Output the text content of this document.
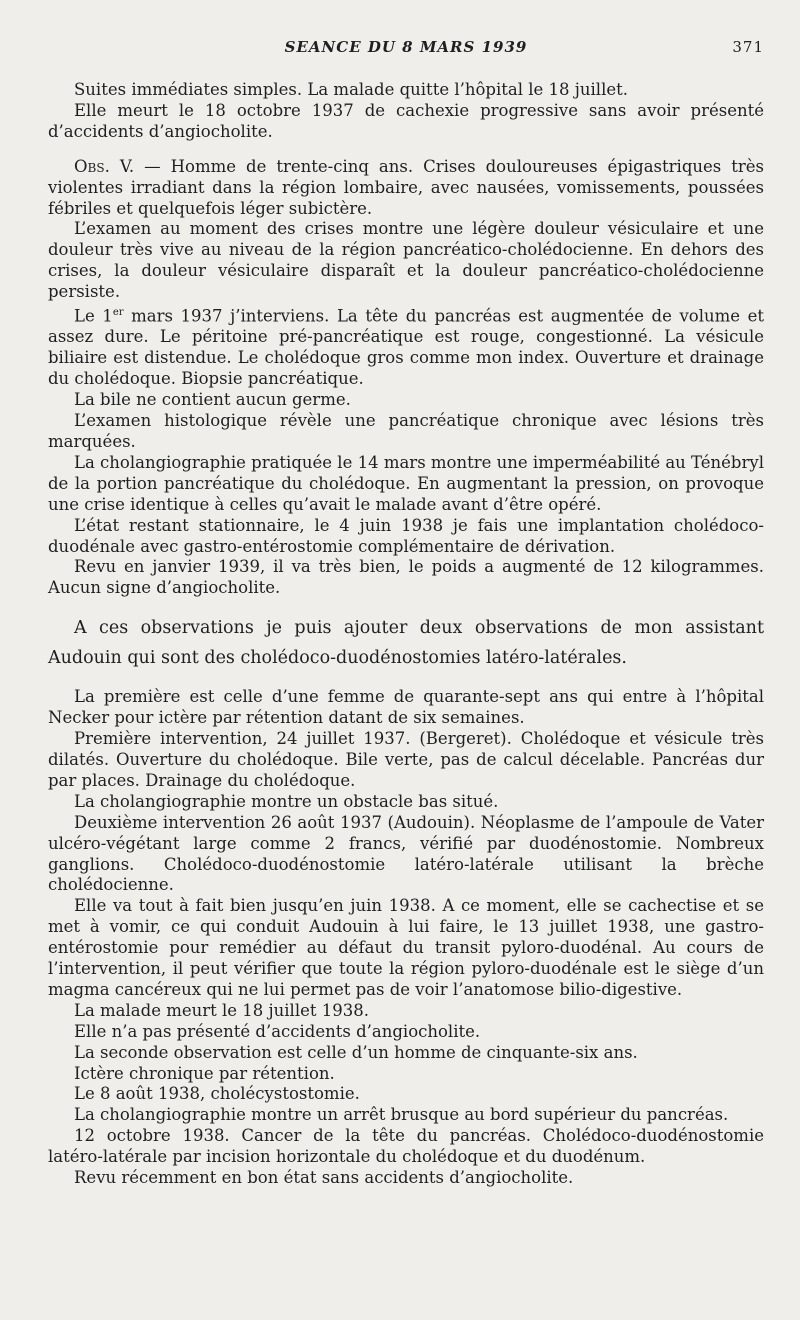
SEANCE DU 8 MARS 1939	371

Suites immédiates simples. La malade quitte l’hôpital le 18 juillet.

Elle meurt le 18 octobre 1937 de cachexie progressive sans avoir présenté d’accidents d’angiocholite.

Obs. V. — Homme de trente-cinq ans. Crises douloureuses épigastriques très violentes irradiant dans la région lombaire, avec nausées, vomissements, poussées fébriles et quelquefois léger subictère.

L’examen au moment des crises montre une légère douleur vésiculaire et une douleur très vive au niveau de la région pancréatico-cholédocienne. En dehors des crises, la douleur vésiculaire disparaît et la douleur pancréatico-cholédocienne persiste.

Le 1er mars 1937 j’interviens. La tête du pancréas est augmentée de volume et assez dure. Le péritoine pré-pancréatique est rouge, congestionné. La vésicule biliaire est distendue. Le cholédoque gros comme mon index. Ouverture et drainage du cholédoque. Biopsie pancréatique.

La bile ne contient aucun germe.

L’examen histologique révèle une pancréatique chronique avec lésions très marquées.

La cholangiographie pratiquée le 14 mars montre une imperméabilité au Ténébryl de la portion pancréatique du cholédoque. En augmentant la pression, on provoque une crise identique à celles qu’avait le malade avant d’être opéré.

L’état restant stationnaire, le 4 juin 1938 je fais une implantation cholédoco-duodénale avec gastro-entérostomie complémentaire de dérivation.

Revu en janvier 1939, il va très bien, le poids a augmenté de 12 kilogrammes. Aucun signe d’angiocholite.

A ces observations je puis ajouter deux observations de mon assistant Audouin qui sont des cholédoco-duodénostomies latéro-latérales.

La première est celle d’une femme de quarante-sept ans qui entre à l’hôpital Necker pour ictère par rétention datant de six semaines.

Première intervention, 24 juillet 1937. (Bergeret). Cholédoque et vésicule très dilatés. Ouverture du cholédoque. Bile verte, pas de calcul décelable. Pancréas dur par places. Drainage du cholédoque.

La cholangiographie montre un obstacle bas situé.

Deuxième intervention 26 août 1937 (Audouin). Néoplasme de l’ampoule de Vater ulcéro-végétant large comme 2 francs, vérifié par duodénostomie. Nombreux ganglions. Cholédoco-duodénostomie latéro-latérale utilisant la brèche cholédocienne.

Elle va tout à fait bien jusqu’en juin 1938. A ce moment, elle se cachectise et se met à vomir, ce qui conduit Audouin à lui faire, le 13 juillet 1938, une gastro-entérostomie pour remédier au défaut du transit pyloro-duodénal. Au cours de l’intervention, il peut vérifier que toute la région pyloro-duodénale est le siège d’un magma cancéreux qui ne lui permet pas de voir l’anatomose bilio-digestive.

La malade meurt le 18 juillet 1938.

Elle n’a pas présenté d’accidents d’angiocholite.

La seconde observation est celle d’un homme de cinquante-six ans.

Ictère chronique par rétention.

Le 8 août 1938, cholécystostomie.

La cholangiographie montre un arrêt brusque au bord supérieur du pancréas.

12 octobre 1938. Cancer de la tête du pancréas. Cholédoco-duodénostomie latéro-latérale par incision horizontale du cholédoque et du duodénum.

Revu récemment en bon état sans accidents d’angiocholite.
